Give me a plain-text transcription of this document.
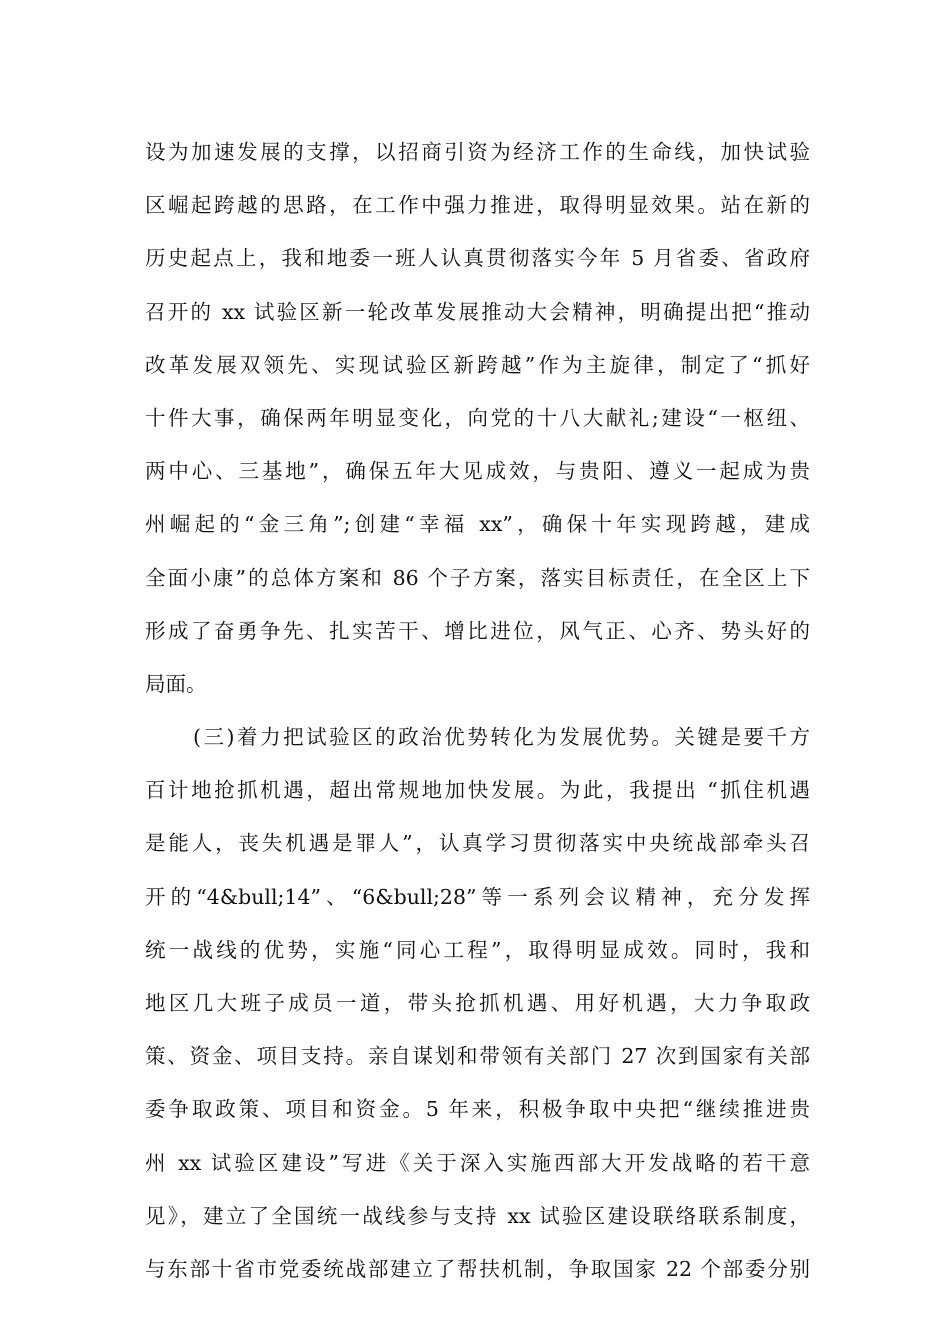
设为加速发展的支撑，以招商引资为经济工作的生命线，加快试验
区崛起跨越的思路，在工作中强力推进，取得明显效果。站在新的
历史起点上，我和地委一班人认真贯彻落实今年 5 月省委、省政府
召开的 xx 试验区新一轮改革发展推动大会精神，明确提出把“推动
改革发展双领先、实现试验区新跨越”作为主旋律，制定了“抓好
十件大事，确保两年明显变化，向党的十八大献礼;建设“一枢纽、
两中心、三基地”，确保五年大见成效，与贵阳、遵义一起成为贵
州崛起的“金三角”;创建“幸福 xx”，确保十年实现跨越，建成
全面小康”的总体方案和 86 个子方案，落实目标责任，在全区上下
形成了奋勇争先、扎实苦干、增比进位，风气正、心齐、势头好的
局面。
(三)着力把试验区的政治优势转化为发展优势。关键是要千方
百计地抢抓机遇，超出常规地加快发展。为此，我提出 “抓住机遇
是能人，丧失机遇是罪人”，认真学习贯彻落实中央统战部牵头召
开的“4&bull;14”、“6&bull;28”等一系列会议精神，充分发挥
统一战线的优势，实施“同心工程”，取得明显成效。同时，我和
地区几大班子成员一道，带头抢抓机遇、用好机遇，大力争取政
策、资金、项目支持。亲自谋划和带领有关部门 27 次到国家有关部
委争取政策、项目和资金。5 年来，积极争取中央把“继续推进贵
州 xx 试验区建设”写进《关于深入实施西部大开发战略的若干意
见》，建立了全国统一战线参与支持 xx 试验区建设联络联系制度，
与东部十省市党委统战部建立了帮扶机制，争取国家 22 个部委分别
